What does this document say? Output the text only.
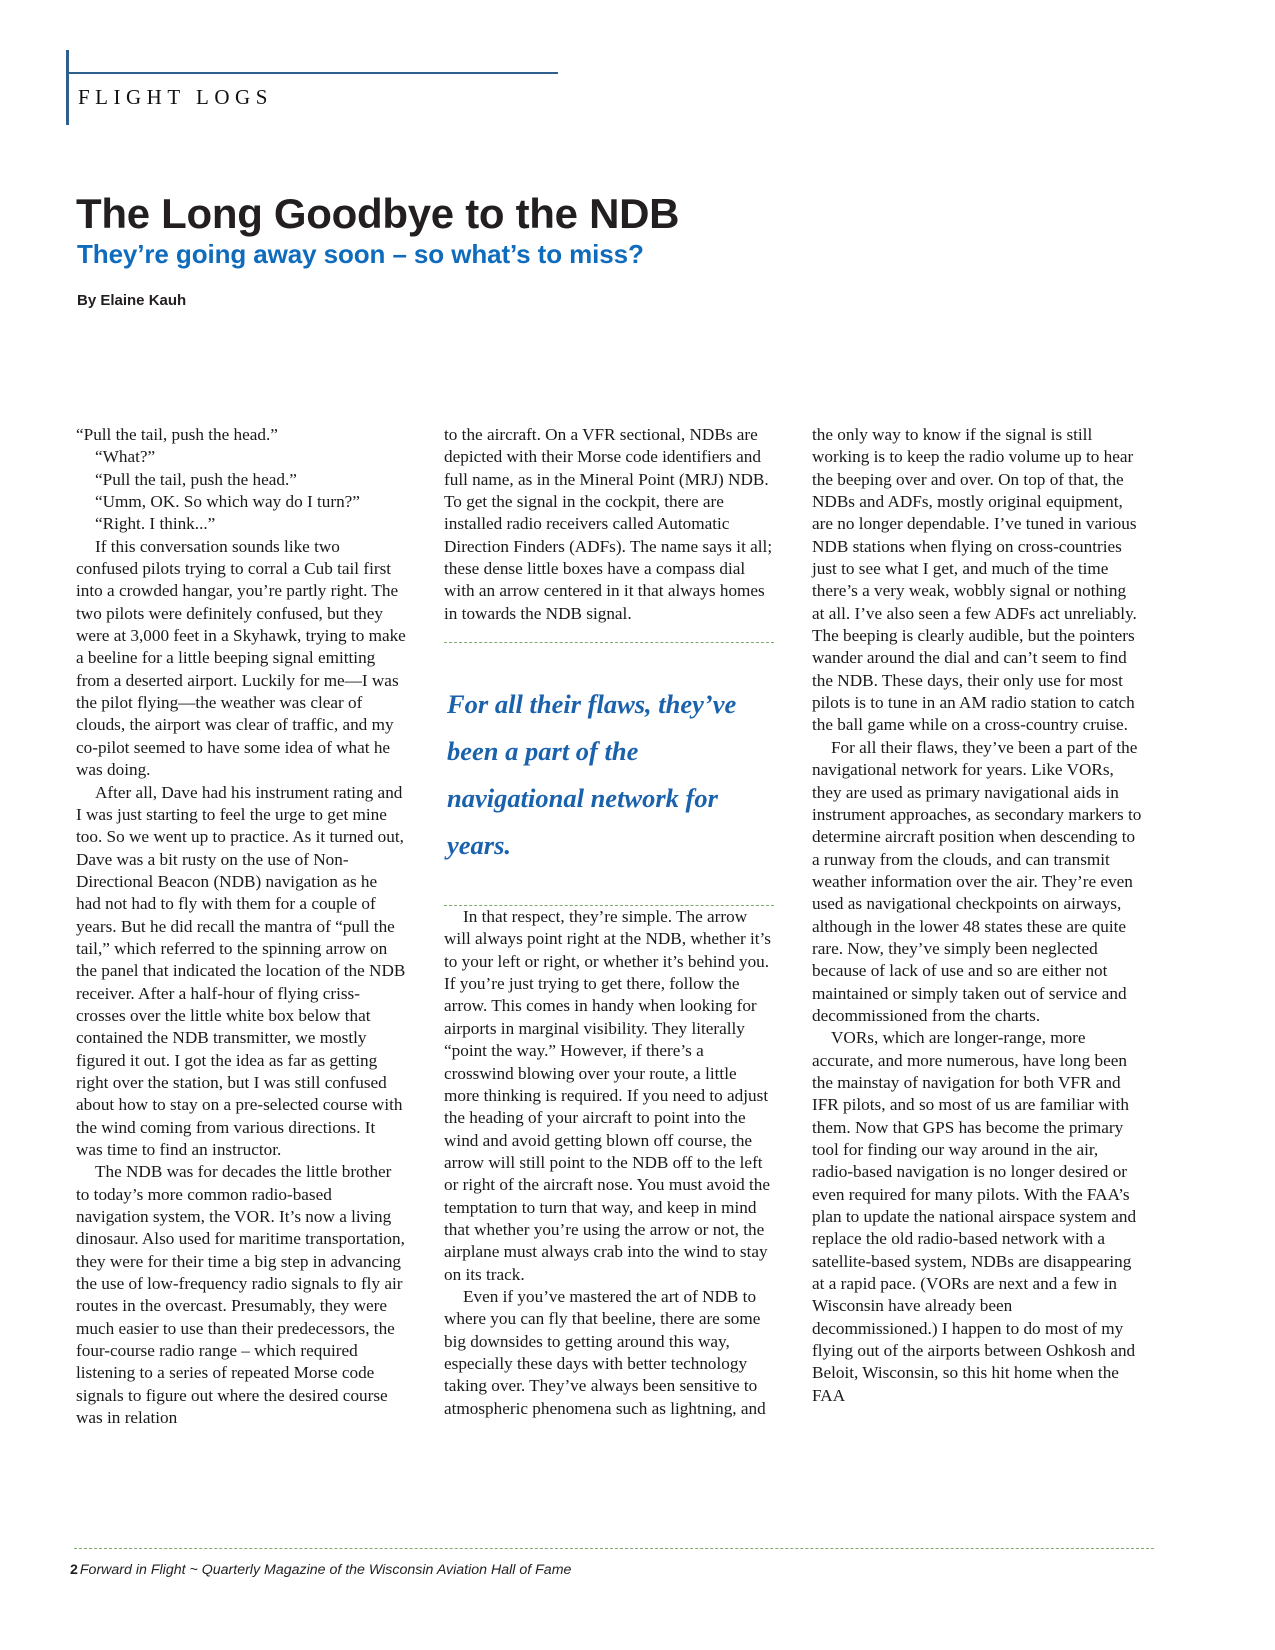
FLIGHT LOGS
The Long Goodbye to the NDB
They’re going away soon – so what’s to miss?
By Elaine Kauh

“Pull the tail, push the head.”

“What?”

“Pull the tail, push the head.”

“Umm, OK. So which way do I turn?”

“Right. I think...”

If this conversation sounds like two confused pilots trying to corral a Cub tail first into a crowded hangar, you’re partly right. The two pilots were definitely confused, but they were at 3,000 feet in a Skyhawk, trying to make a beeline for a little beeping signal emitting from a deserted airport. Luckily for me—I was the pilot flying—the weather was clear of clouds, the airport was clear of traffic, and my co-pilot seemed to have some idea of what he was doing.

After all, Dave had his instrument rating and I was just starting to feel the urge to get mine too. So we went up to practice. As it turned out, Dave was a bit rusty on the use of Non-Directional Beacon (NDB) navigation as he had not had to fly with them for a couple of years. But he did recall the mantra of “pull the tail,” which referred to the spinning arrow on the panel that indicated the location of the NDB receiver. After a half-hour of flying criss-crosses over the little white box below that contained the NDB transmitter, we mostly figured it out. I got the idea as far as getting right over the station, but I was still confused about how to stay on a pre-selected course with the wind coming from various directions. It was time to find an instructor.

The NDB was for decades the little brother to today’s more common radio-based navigation system, the VOR. It’s now a living dinosaur. Also used for maritime transportation, they were for their time a big step in advancing the use of low-frequency radio signals to fly air routes in the overcast. Presumably, they were much easier to use than their predecessors, the four-course radio range – which required listening to a series of repeated Morse code signals to figure out where the desired course was in relation

to the aircraft. On a VFR sectional, NDBs are depicted with their Morse code identifiers and full name, as in the Mineral Point (MRJ) NDB. To get the signal in the cockpit, there are installed radio receivers called Automatic Direction Finders (ADFs). The name says it all; these dense little boxes have a compass dial with an arrow centered in it that always homes in towards the NDB signal.

For all their flaws, they’ve been a part of the navigational network for years.

In that respect, they’re simple. The arrow will always point right at the NDB, whether it’s to your left or right, or whether it’s behind you. If you’re just trying to get there, follow the arrow. This comes in handy when looking for airports in marginal visibility. They literally “point the way.” However, if there’s a crosswind blowing over your route, a little more thinking is required. If you need to adjust the heading of your aircraft to point into the wind and avoid getting blown off course, the arrow will still point to the NDB off to the left or right of the aircraft nose. You must avoid the temptation to turn that way, and keep in mind that whether you’re using the arrow or not, the airplane must always crab into the wind to stay on its track.

Even if you’ve mastered the art of NDB to where you can fly that beeline, there are some big downsides to getting around this way, especially these days with better technology taking over. They’ve always been sensitive to atmospheric phenomena such as lightning, and

the only way to know if the signal is still working is to keep the radio volume up to hear the beeping over and over. On top of that, the NDBs and ADFs, mostly original equipment, are no longer dependable. I’ve tuned in various NDB stations when flying on cross-countries just to see what I get, and much of the time there’s a very weak, wobbly signal or nothing at all. I’ve also seen a few ADFs act unreliably. The beeping is clearly audible, but the pointers wander around the dial and can’t seem to find the NDB. These days, their only use for most pilots is to tune in an AM radio station to catch the ball game while on a cross-country cruise.

For all their flaws, they’ve been a part of the navigational network for years. Like VORs, they are used as primary navigational aids in instrument approaches, as secondary markers to determine aircraft position when descending to a runway from the clouds, and can transmit weather information over the air. They’re even used as navigational checkpoints on airways, although in the lower 48 states these are quite rare. Now, they’ve simply been neglected because of lack of use and so are either not maintained or simply taken out of service and decommissioned from the charts.

VORs, which are longer-range, more accurate, and more numerous, have long been the mainstay of navigation for both VFR and IFR pilots, and so most of us are familiar with them. Now that GPS has become the primary tool for finding our way around in the air, radio-based navigation is no longer desired or even required for many pilots. With the FAA’s plan to update the national airspace system and replace the old radio-based network with a satellite-based system, NDBs are disappearing at a rapid pace. (VORs are next and a few in Wisconsin have already been decommissioned.) I happen to do most of my flying out of the airports between Oshkosh and Beloit, Wisconsin, so this hit home when the FAA

2 Forward in Flight ~ Quarterly Magazine of the Wisconsin Aviation Hall of Fame
